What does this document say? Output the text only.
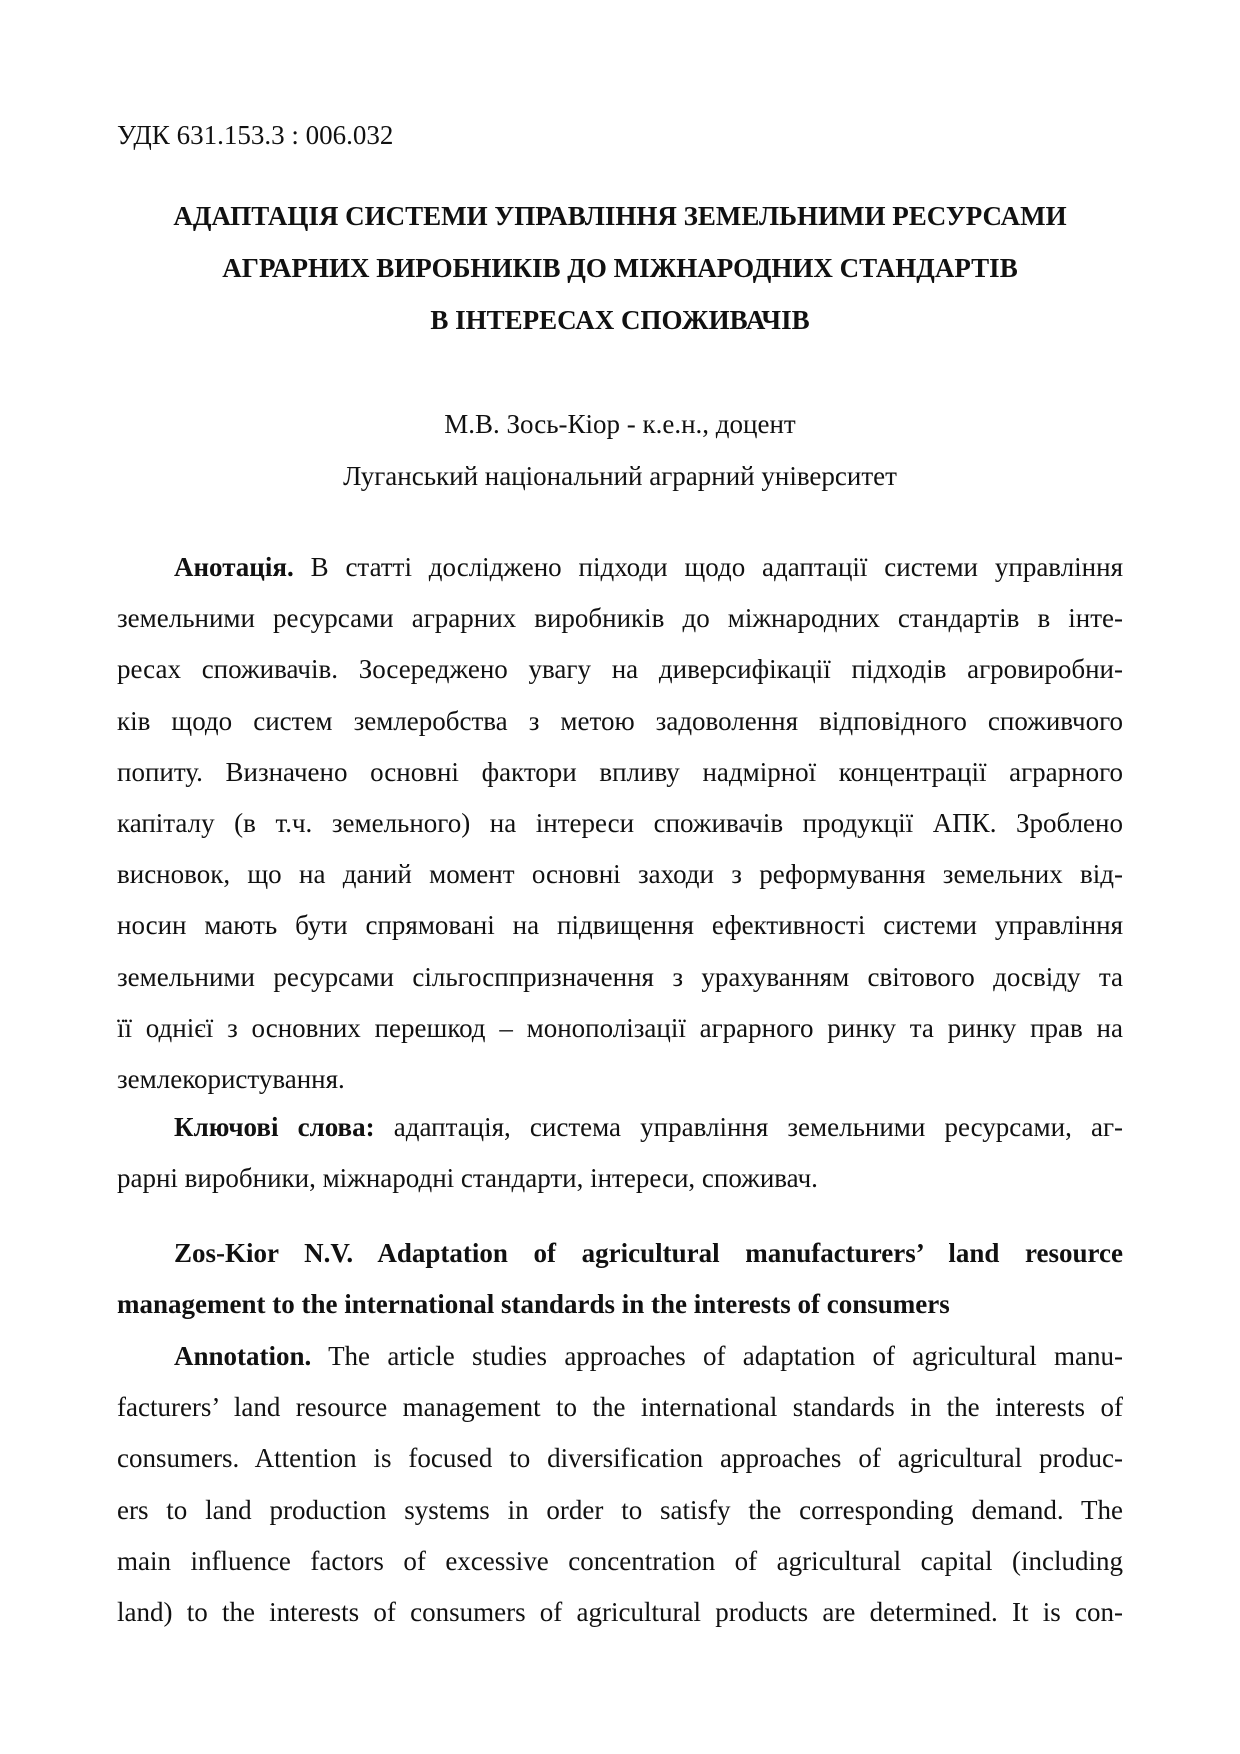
УДК 631.153.3 : 006.032
АДАПТАЦІЯ СИСТЕМИ УПРАВЛІННЯ ЗЕМЕЛЬНИМИ РЕСУРСАМИ
АГРАРНИХ ВИРОБНИКІВ ДО МІЖНАРОДНИХ СТАНДАРТІВ
В ІНТЕРЕСАХ СПОЖИВАЧІВ
М.В. Зось-Кіор - к.е.н., доцент
Луганський національний аграрний університет
Анотація. В статті досліджено підходи щодо адаптації системи управління
земельними ресурсами аграрних виробників до міжнародних стандартів в інте-
ресах споживачів. Зосереджено увагу на диверсифікації підходів агровиробни-
ків щодо систем землеробства з метою задоволення відповідного споживчого
попиту. Визначено основні фактори впливу надмірної концентрації аграрного
капіталу (в т.ч. земельного) на інтереси споживачів продукції АПК. Зроблено
висновок, що на даний момент основні заходи з реформування земельних від-
носин мають бути спрямовані на підвищення ефективності системи управління
земельними ресурсами сільгосппризначення з урахуванням світового досвіду та
її однієї з основних перешкод – монополізації аграрного ринку та ринку прав на
землекористування.
Ключові слова: адаптація, система управління земельними ресурсами, аг-
рарні виробники, міжнародні стандарти, інтереси, споживач.
Zos-Kior N.V. Adaptation of agricultural manufacturers’ land resource
management to the international standards in the interests of consumers
Annotation. The article studies approaches of adaptation of agricultural manu-
facturers’ land resource management to the international standards in the interests of
consumers. Attention is focused to diversification approaches of agricultural produc-
ers to land production systems in order to satisfy the corresponding demand. The
main influence factors of excessive concentration of agricultural capital (including
land) to the interests of consumers of agricultural products are determined. It is con-
